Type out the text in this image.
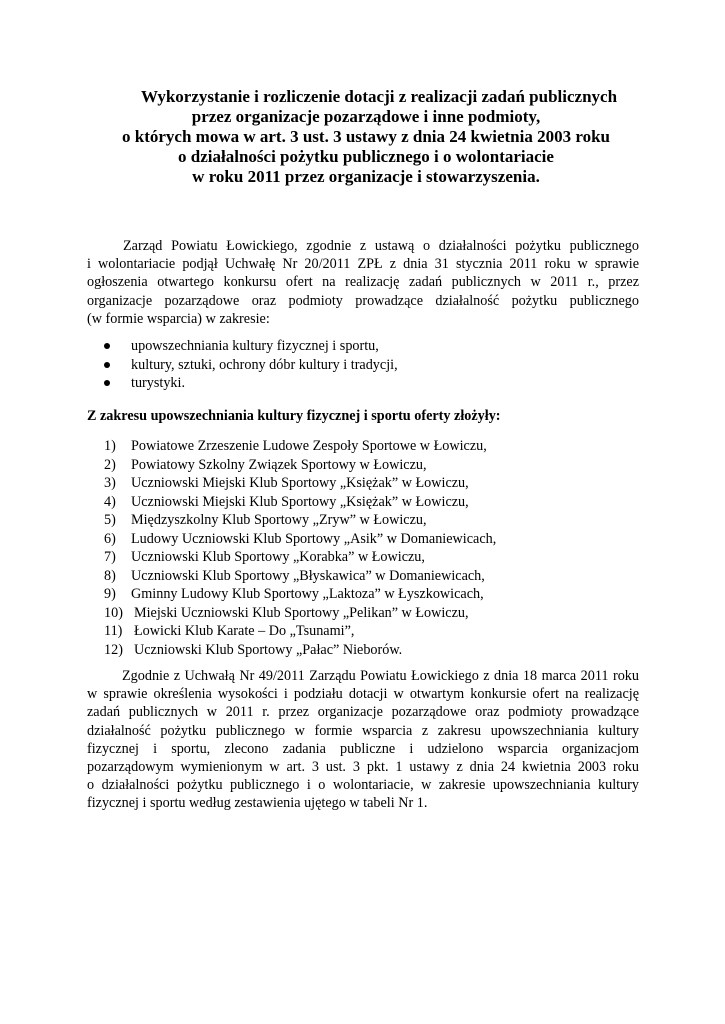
Wykorzystanie i rozliczenie dotacji z realizacji zadań publicznych
przez organizacje pozarządowe i inne podmioty,
o których mowa w art. 3 ust. 3 ustawy z dnia 24 kwietnia 2003 roku
o działalności pożytku publicznego i o wolontariacie
w roku 2011 przez organizacje i stowarzyszenia.
Zarząd Powiatu Łowickiego, zgodnie z ustawą o działalności pożytku publicznego
i wolontariacie podjął Uchwałę Nr 20/2011 ZPŁ z dnia 31 stycznia 2011 roku w sprawie
ogłoszenia otwartego konkursu ofert na realizację zadań publicznych w 2011 r., przez
organizacje pozarządowe oraz podmioty prowadzące działalność pożytku publicznego
(w formie wsparcia) w zakresie:
upowszechniania kultury fizycznej i sportu,
kultury, sztuki, ochrony dóbr kultury i tradycji,
turystyki.
Z zakresu upowszechniania kultury fizycznej i sportu oferty złożyły:
1)	Powiatowe Zrzeszenie Ludowe Zespoły Sportowe w Łowiczu,
2)	Powiatowy Szkolny Związek Sportowy w Łowiczu,
3)	Uczniowski Miejski Klub Sportowy „Księżak” w Łowiczu,
4)	Uczniowski Miejski Klub Sportowy „Księżak” w Łowiczu,
5)	Międzyszkolny Klub Sportowy „Zryw” w Łowiczu,
6)	Ludowy Uczniowski Klub Sportowy „Asik” w Domaniewicach,
7)	Uczniowski Klub Sportowy „Korabka” w Łowiczu,
8)	Uczniowski Klub Sportowy „Błyskawica” w Domaniewicach,
9)	Gminny Ludowy Klub Sportowy „Laktoza” w Łyszkowicach,
10) Miejski Uczniowski Klub Sportowy „Pelikan” w Łowiczu,
11) Łowicki Klub Karate – Do „Tsunami”,
12) Uczniowski Klub Sportowy „Pałac” Nieborów.
Zgodnie z Uchwałą Nr 49/2011 Zarządu Powiatu Łowickiego z dnia 18 marca 2011 roku
w sprawie określenia wysokości i podziału dotacji w otwartym konkursie ofert na realizację
zadań publicznych w 2011 r. przez organizacje pozarządowe oraz podmioty prowadzące
działalność pożytku publicznego w formie wsparcia z zakresu upowszechniania kultury
fizycznej i sportu, zlecono zadania publiczne i udzielono wsparcia organizacjom
pozarządowym wymienionym w art. 3 ust. 3 pkt. 1 ustawy z dnia 24 kwietnia 2003 roku
o działalności pożytku publicznego i o wolontariacie, w zakresie upowszechniania kultury
fizycznej i sportu według zestawienia ujętego w tabeli Nr 1.
